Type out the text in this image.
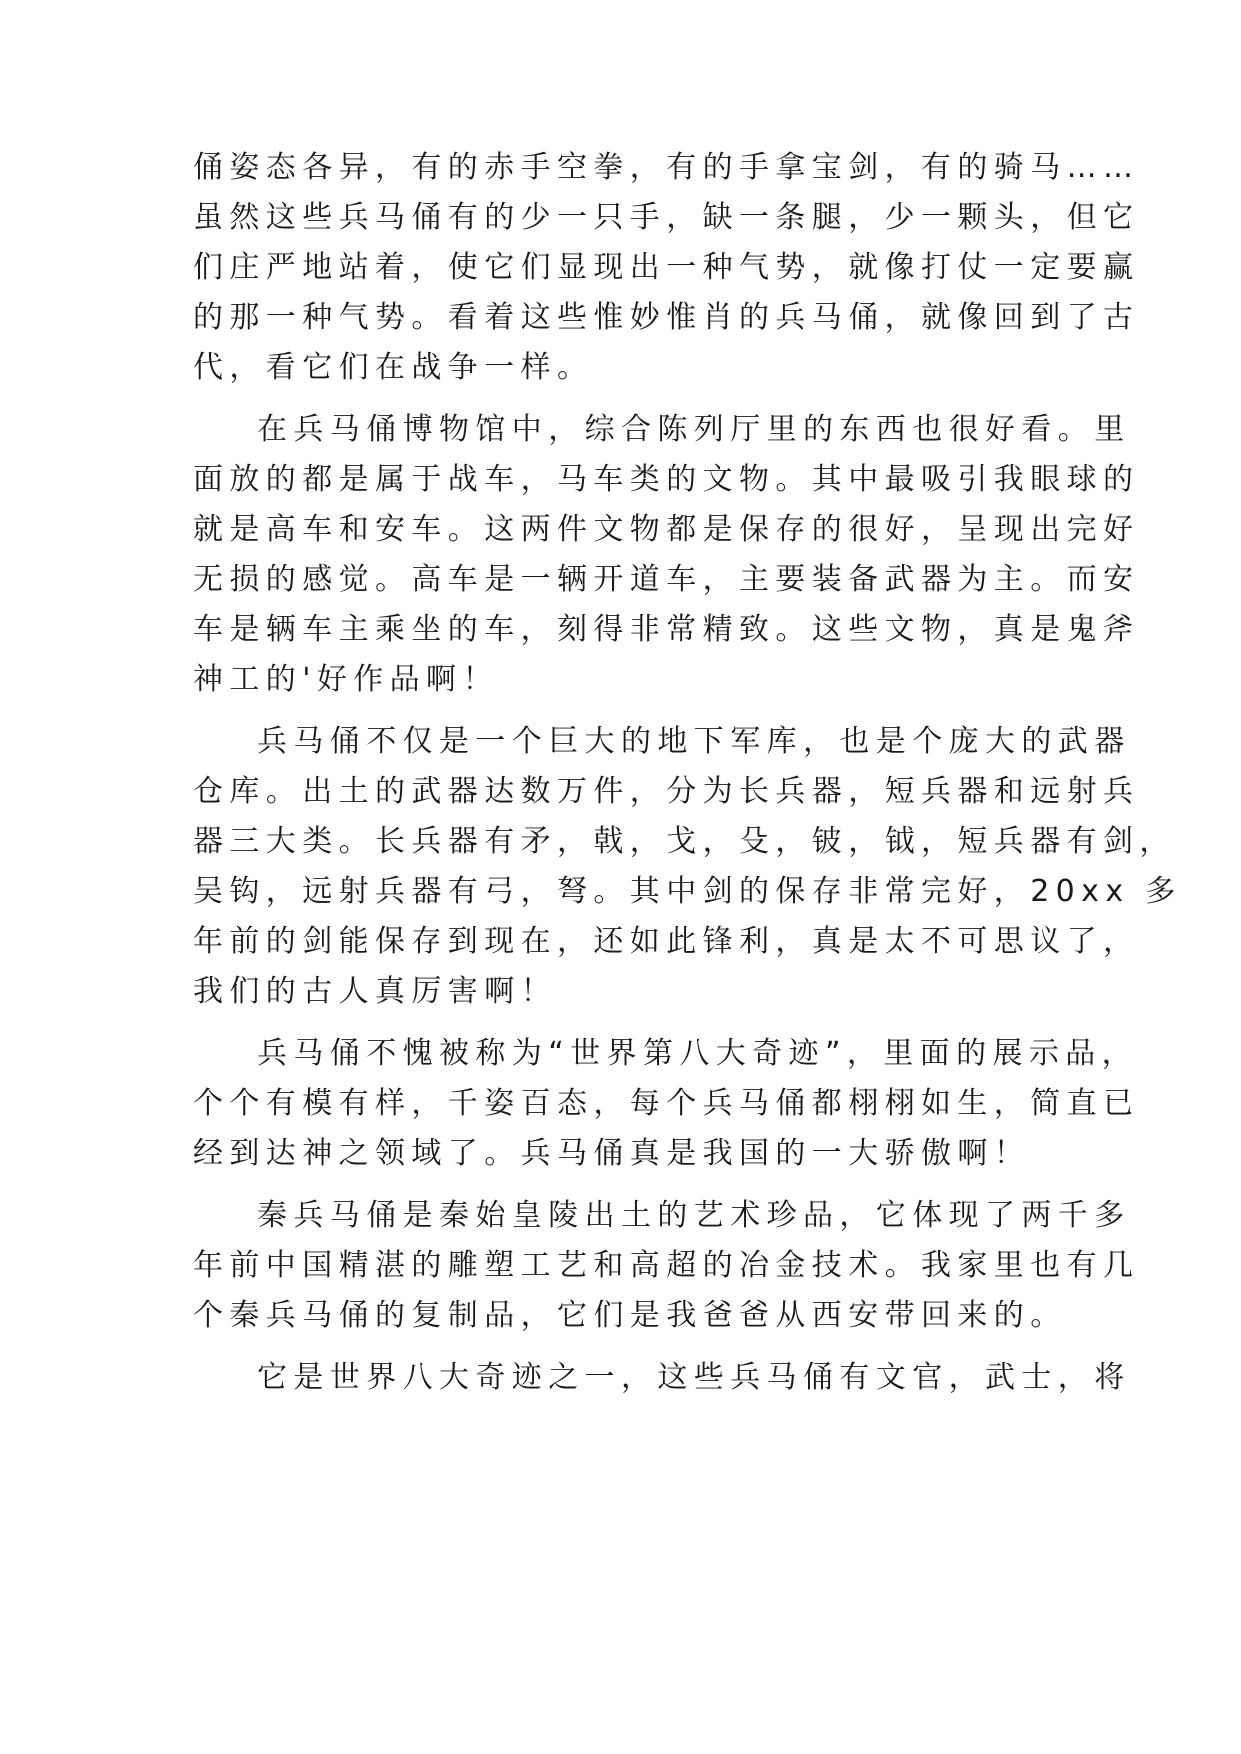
俑姿态各异，有的赤手空拳，有的手拿宝剑，有的骑马……
虽然这些兵马俑有的少一只手，缺一条腿，少一颗头，但它
们庄严地站着，使它们显现出一种气势，就像打仗一定要赢
的那一种气势。看着这些惟妙惟肖的兵马俑，就像回到了古
代，看它们在战争一样。
在兵马俑博物馆中，综合陈列厅里的东西也很好看。里
面放的都是属于战车，马车类的文物。其中最吸引我眼球的
就是高车和安车。这两件文物都是保存的很好，呈现出完好
无损的感觉。高车是一辆开道车，主要装备武器为主。而安
车是辆车主乘坐的车，刻得非常精致。这些文物，真是鬼斧
神工的'好作品啊！
兵马俑不仅是一个巨大的地下军库，也是个庞大的武器
仓库。出土的武器达数万件，分为长兵器，短兵器和远射兵
器三大类。长兵器有矛，戟，戈，殳，铍，钺，短兵器有剑，
吴钩，远射兵器有弓，弩。其中剑的保存非常完好，20xx 多
年前的剑能保存到现在，还如此锋利，真是太不可思议了，
我们的古人真厉害啊！
兵马俑不愧被称为“世界第八大奇迹”，里面的展示品，
个个有模有样，千姿百态，每个兵马俑都栩栩如生，简直已
经到达神之领域了。兵马俑真是我国的一大骄傲啊！
秦兵马俑是秦始皇陵出土的艺术珍品，它体现了两千多
年前中国精湛的雕塑工艺和高超的冶金技术。我家里也有几
个秦兵马俑的复制品，它们是我爸爸从西安带回来的。
它是世界八大奇迹之一，这些兵马俑有文官，武士，将
